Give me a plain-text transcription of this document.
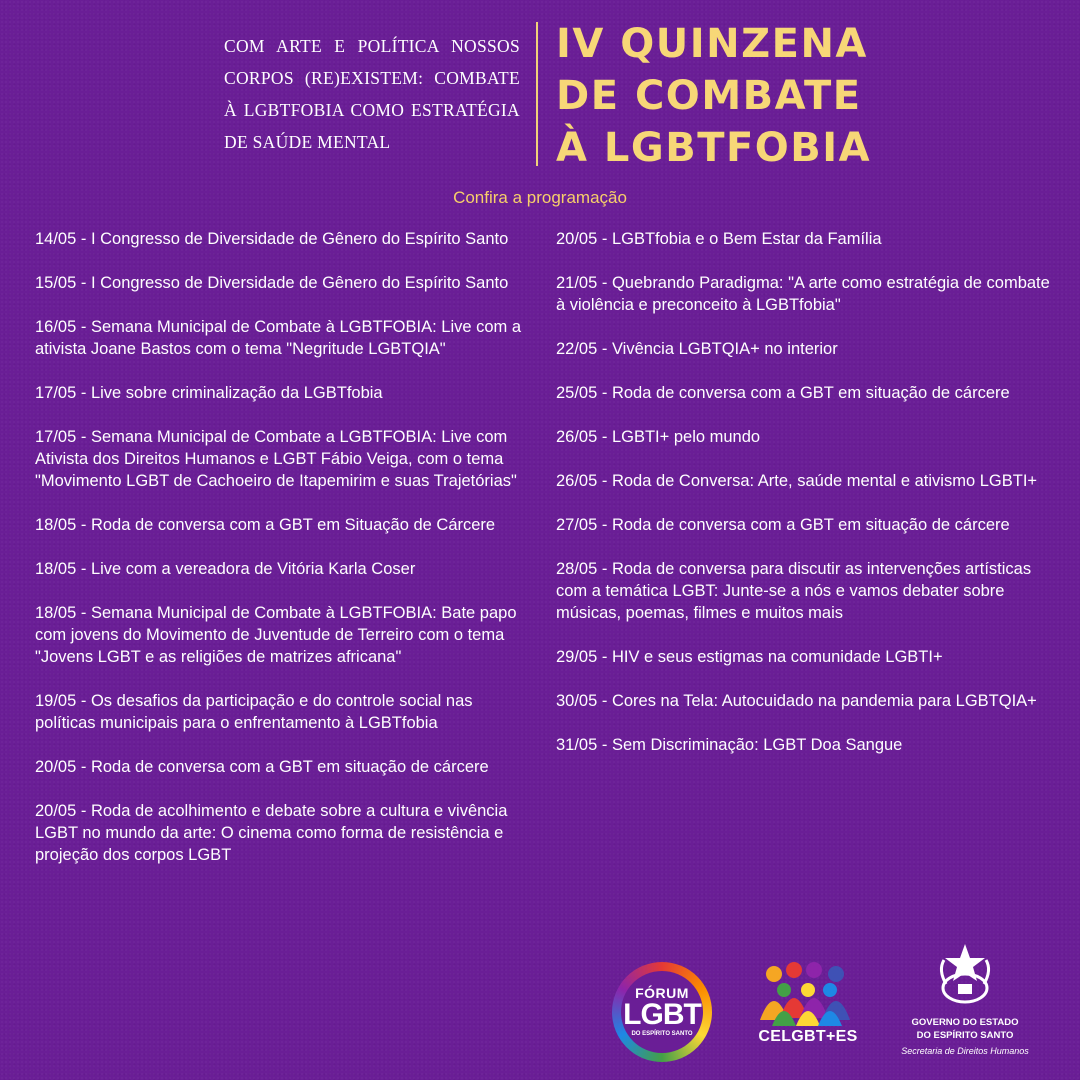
COM ARTE E POLÍTICA NOSSOS CORPOS (RE)EXISTEM: COMBATE À LGBTFOBIA COMO ESTRATÉGIA DE SAÚDE MENTAL
IV QUINZENA
DE COMBATE
À LGBTFOBIA
Confira a programação
14/05 - I Congresso de Diversidade de Gênero do Espírito Santo
15/05 - I Congresso de Diversidade de Gênero do Espírito Santo
16/05 - Semana Municipal de Combate à LGBTFOBIA: Live com a ativista Joane Bastos com o tema "Negritude LGBTQIA"
17/05 - Live sobre criminalização da LGBTfobia
17/05 - Semana Municipal de Combate a LGBTFOBIA: Live com Ativista dos Direitos Humanos e LGBT Fábio Veiga, com o tema "Movimento LGBT de Cachoeiro de Itapemirim e suas Trajetórias"
18/05 - Roda de conversa com a GBT em Situação de Cárcere
18/05 - Live com a vereadora de Vitória Karla Coser
18/05 - Semana Municipal de Combate à LGBTFOBIA: Bate papo com jovens do Movimento de Juventude de Terreiro com o tema "Jovens LGBT e as religiões de matrizes africana"
19/05 - Os desafios da participação e do controle social nas políticas municipais para o enfrentamento à LGBTfobia
20/05 - Roda de conversa com a GBT em situação de cárcere
20/05 - Roda de acolhimento e debate sobre a cultura e vivência LGBT no mundo da arte: O cinema como forma de resistência e projeção dos corpos LGBT
20/05 - LGBTfobia e o Bem Estar da Família
21/05 - Quebrando Paradigma: "A arte como estratégia de combate à violência e preconceito à LGBTfobia"
22/05 - Vivência LGBTQIA+ no interior
25/05 - Roda de conversa com a GBT em situação de cárcere
26/05 - LGBTI+ pelo mundo
26/05 - Roda de Conversa: Arte, saúde mental e ativismo LGBTI+
27/05 - Roda de conversa com a GBT em situação de cárcere
28/05 - Roda de conversa para discutir as intervenções artísticas com a temática LGBT: Junte-se a nós e vamos debater sobre músicas, poemas, filmes e muitos mais
29/05 - HIV e seus estigmas na comunidade LGBTI+
30/05 - Cores na Tela: Autocuidado na pandemia para LGBTQIA+
31/05 - Sem Discriminação: LGBT Doa Sangue
FÓRUM
LGBT
DO ESPÍRITO SANTO	CELGBT+ES
GOVERNO DO ESTADO
DO ESPÍRITO SANTO
Secretaria de Direitos Humanos
